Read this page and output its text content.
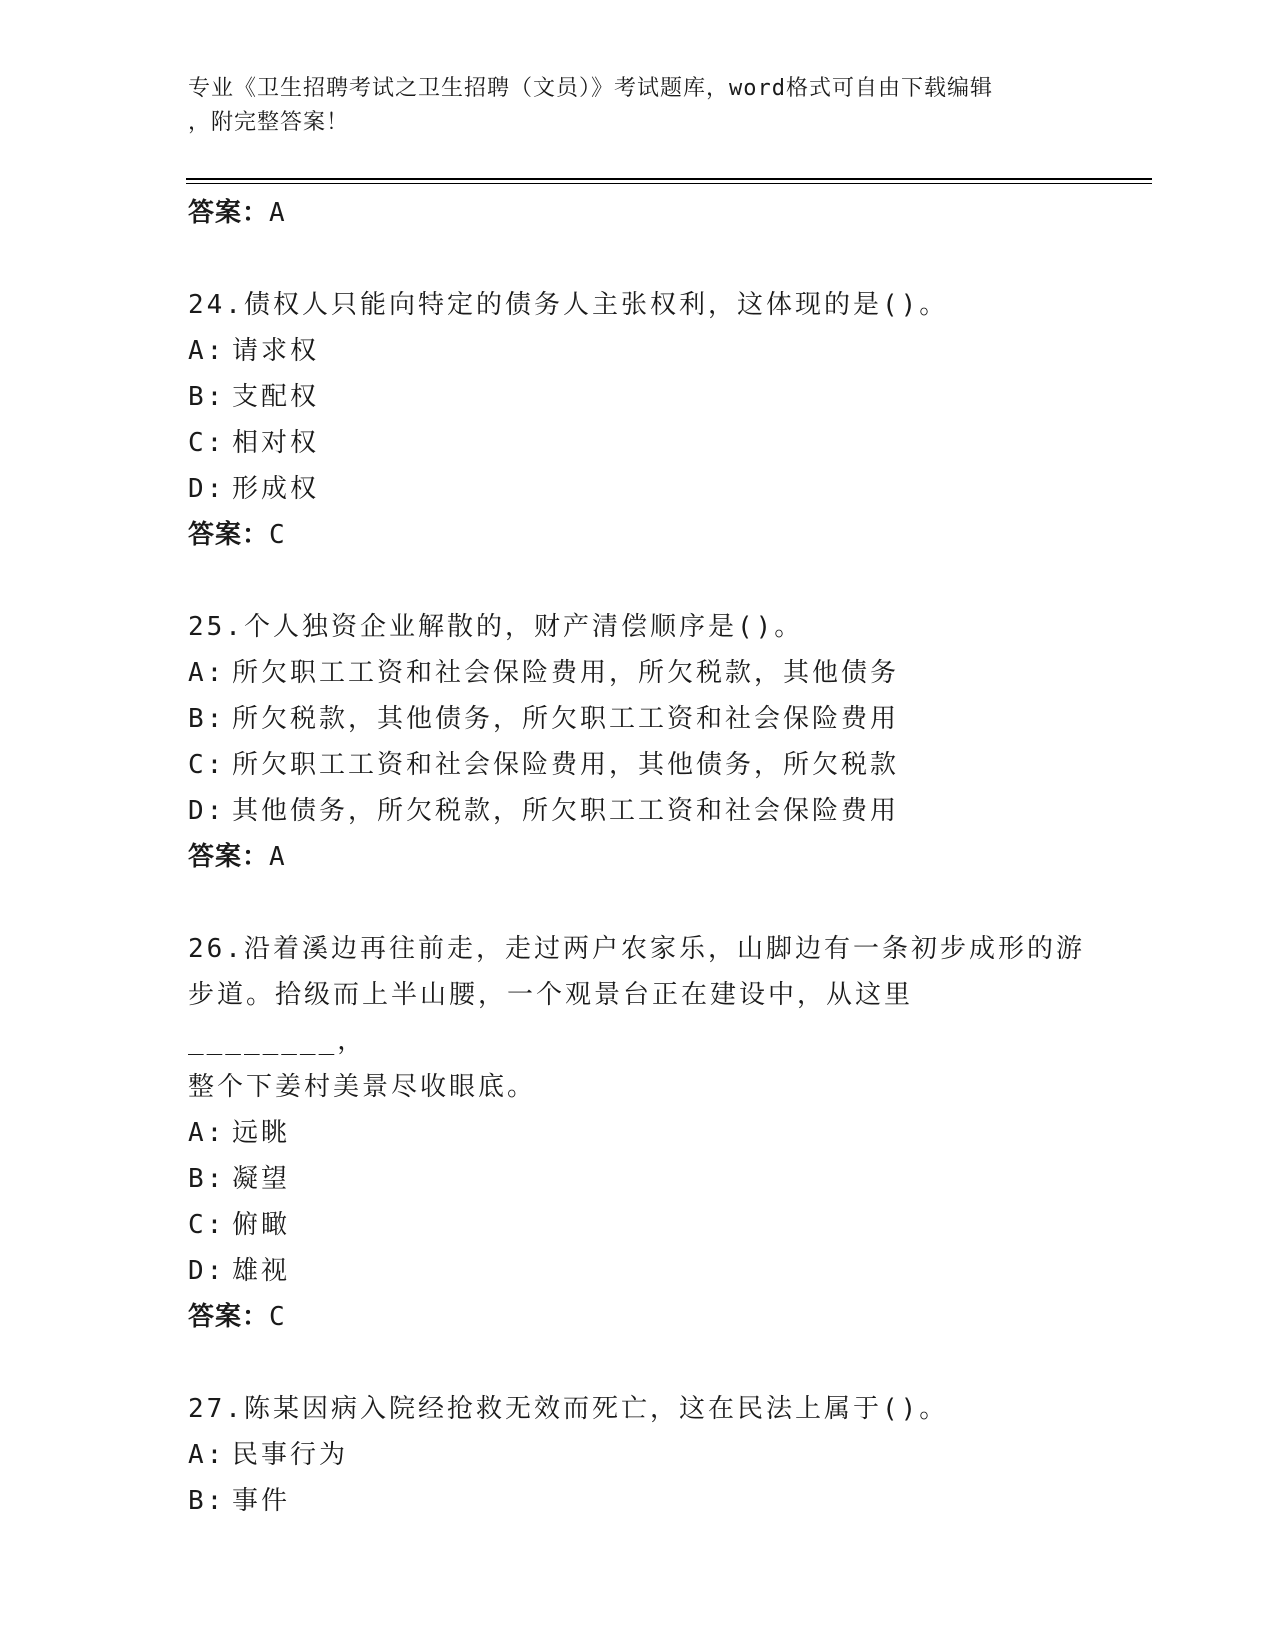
专业《卫生招聘考试之卫生招聘（文员）》考试题库，word格式可自由下载编辑
，附完整答案！
答案：A
24.债权人只能向特定的债务人主张权利，这体现的是()。
A: 请求权
B: 支配权
C: 相对权
D: 形成权
答案：C
25.个人独资企业解散的，财产清偿顺序是()。
A: 所欠职工工资和社会保险费用，所欠税款，其他债务
B: 所欠税款，其他债务，所欠职工工资和社会保险费用
C: 所欠职工工资和社会保险费用，其他债务，所欠税款
D: 其他债务，所欠税款，所欠职工工资和社会保险费用
答案：A
26.沿着溪边再往前走，走过两户农家乐，山脚边有一条初步成形的游
步道。拾级而上半山腰，一个观景台正在建设中，从这里________，
整个下姜村美景尽收眼底。
A: 远眺
B: 凝望
C: 俯瞰
D: 雄视
答案：C
27.陈某因病入院经抢救无效而死亡，这在民法上属于()。
A: 民事行为
B: 事件
